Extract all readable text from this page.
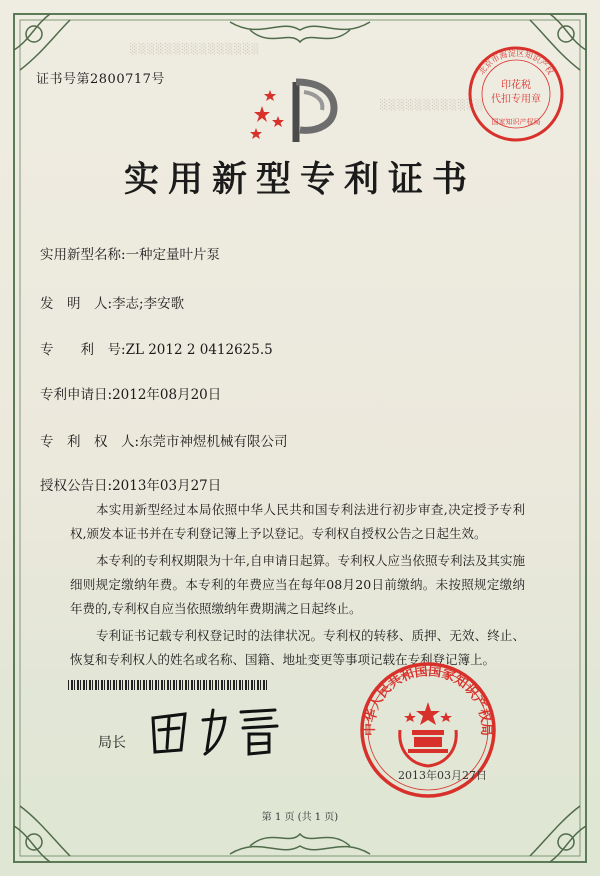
░░░░░░░░░░░░░░░
░░░░░░░░░░░░
证书号第2800717号
北京市海淀区知识产权
印花税
代扣专用章
国家知识产权局
实用新型专利证书
实用新型名称:一种定量叶片泵
发　明　人:李志;李安歌
专　　利　号:ZL 2012 2 0412625.5
专利申请日:2012年08月20日
专　利　权　人:东莞市神煜机械有限公司
授权公告日:2013年03月27日

本实用新型经过本局依照中华人民共和国专利法进行初步审查,决定授予专利权,颁发本证书并在专利登记簿上予以登记。专利权自授权公告之日起生效。

本专利的专利权期限为十年,自申请日起算。专利权人应当依照专利法及其实施细则规定缴纳年费。本专利的年费应当在每年08月20日前缴纳。未按照规定缴纳年费的,专利权自应当依照缴纳年费期满之日起终止。

专利证书记载专利权登记时的法律状况。专利权的转移、质押、无效、终止、恢复和专利权人的姓名或名称、国籍、地址变更等事项记载在专利登记簿上。

局长
中华人民共和国国家知识产权局
2013年03月27日
第 1 页 (共 1 页)
